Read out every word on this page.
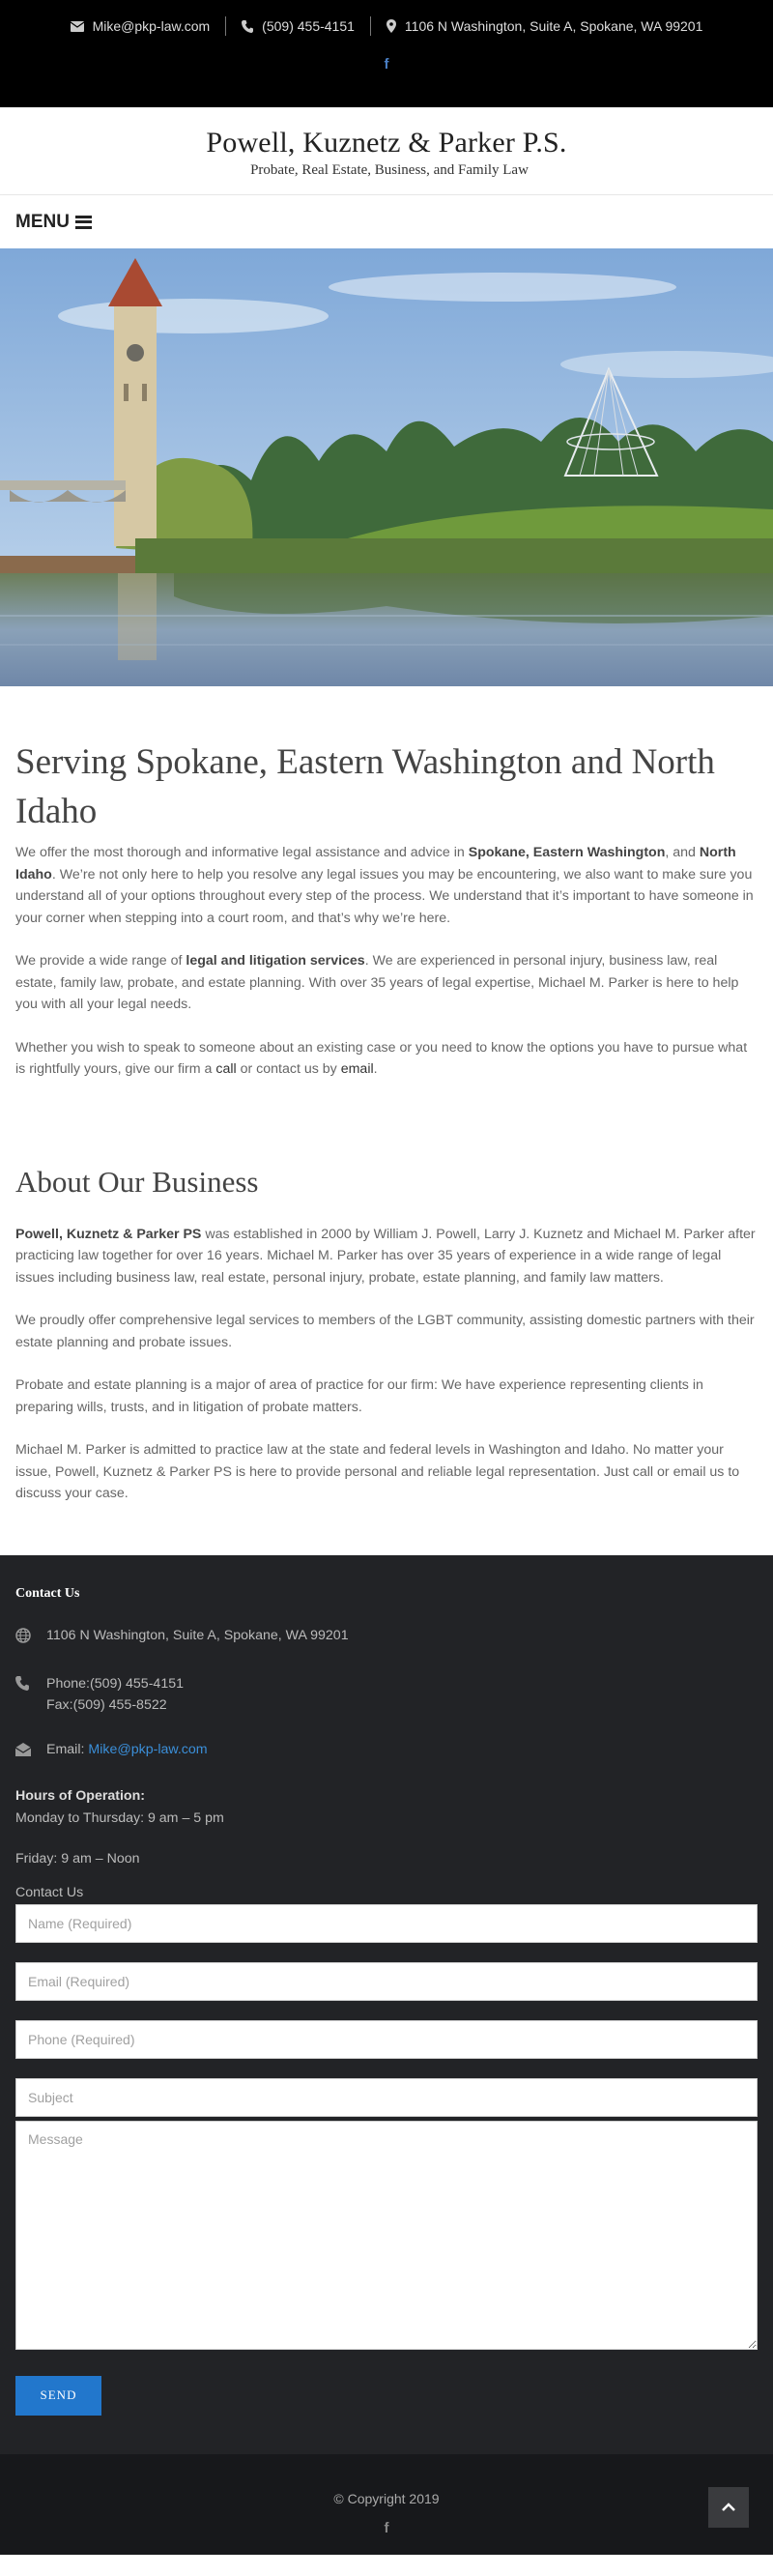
Mike@pkp-law.com	(509) 455-4151	1106 N Washington, Suite A, Spokane, WA 99201
f
Powell, Kuznetz & Parker P.S.
Probate, Real Estate, Business, and Family Law
MENU
Serving Spokane, Eastern Washington and North Idaho

We offer the most thorough and informative legal assistance and advice in Spokane, Eastern Washington, and North Idaho. We’re not only here to help you resolve any legal issues you may be encountering, we also want to make sure you understand all of your options throughout every step of the process. We understand that it’s important to have someone in your corner when stepping into a court room, and that’s why we’re here.

We provide a wide range of legal and litigation services. We are experienced in personal injury, business law, real estate, family law, probate, and estate planning. With over 35 years of legal expertise, Michael M. Parker is here to help you with all your legal needs.

Whether you wish to speak to someone about an existing case or you need to know the options you have to pursue what is rightfully yours, give our firm a call or contact us by email.

About Our Business

Powell, Kuznetz & Parker PS was established in 2000 by William J. Powell, Larry J. Kuznetz and Michael M. Parker after practicing law together for over 16 years. Michael M. Parker has over 35 years of experience in a wide range of legal issues including business law, real estate, personal injury, probate, estate planning, and family law matters.

We proudly offer comprehensive legal services to members of the LGBT community, assisting domestic partners with their estate planning and probate issues.

Probate and estate planning is a major of area of practice for our firm: We have experience representing clients in preparing wills, trusts, and in litigation of probate matters.

Michael M. Parker is admitted to practice law at the state and federal levels in Washington and Idaho. No matter your issue, Powell, Kuznetz & Parker PS is here to provide personal and reliable legal representation. Just call or email us to discuss your case.

Contact Us
1106 N Washington, Suite A, Spokane, WA 99201
Phone:(509) 455-4151
Fax:(509) 455-8522
Email:
Mike@pkp-law.com
Hours of Operation:
Monday to Thursday: 9 am – 5 pm
Friday: 9 am – Noon
Contact Us
Name (Required)
Email (Required)
Phone (Required)
Subject
Message
SEND
© Copyright 2019
f
